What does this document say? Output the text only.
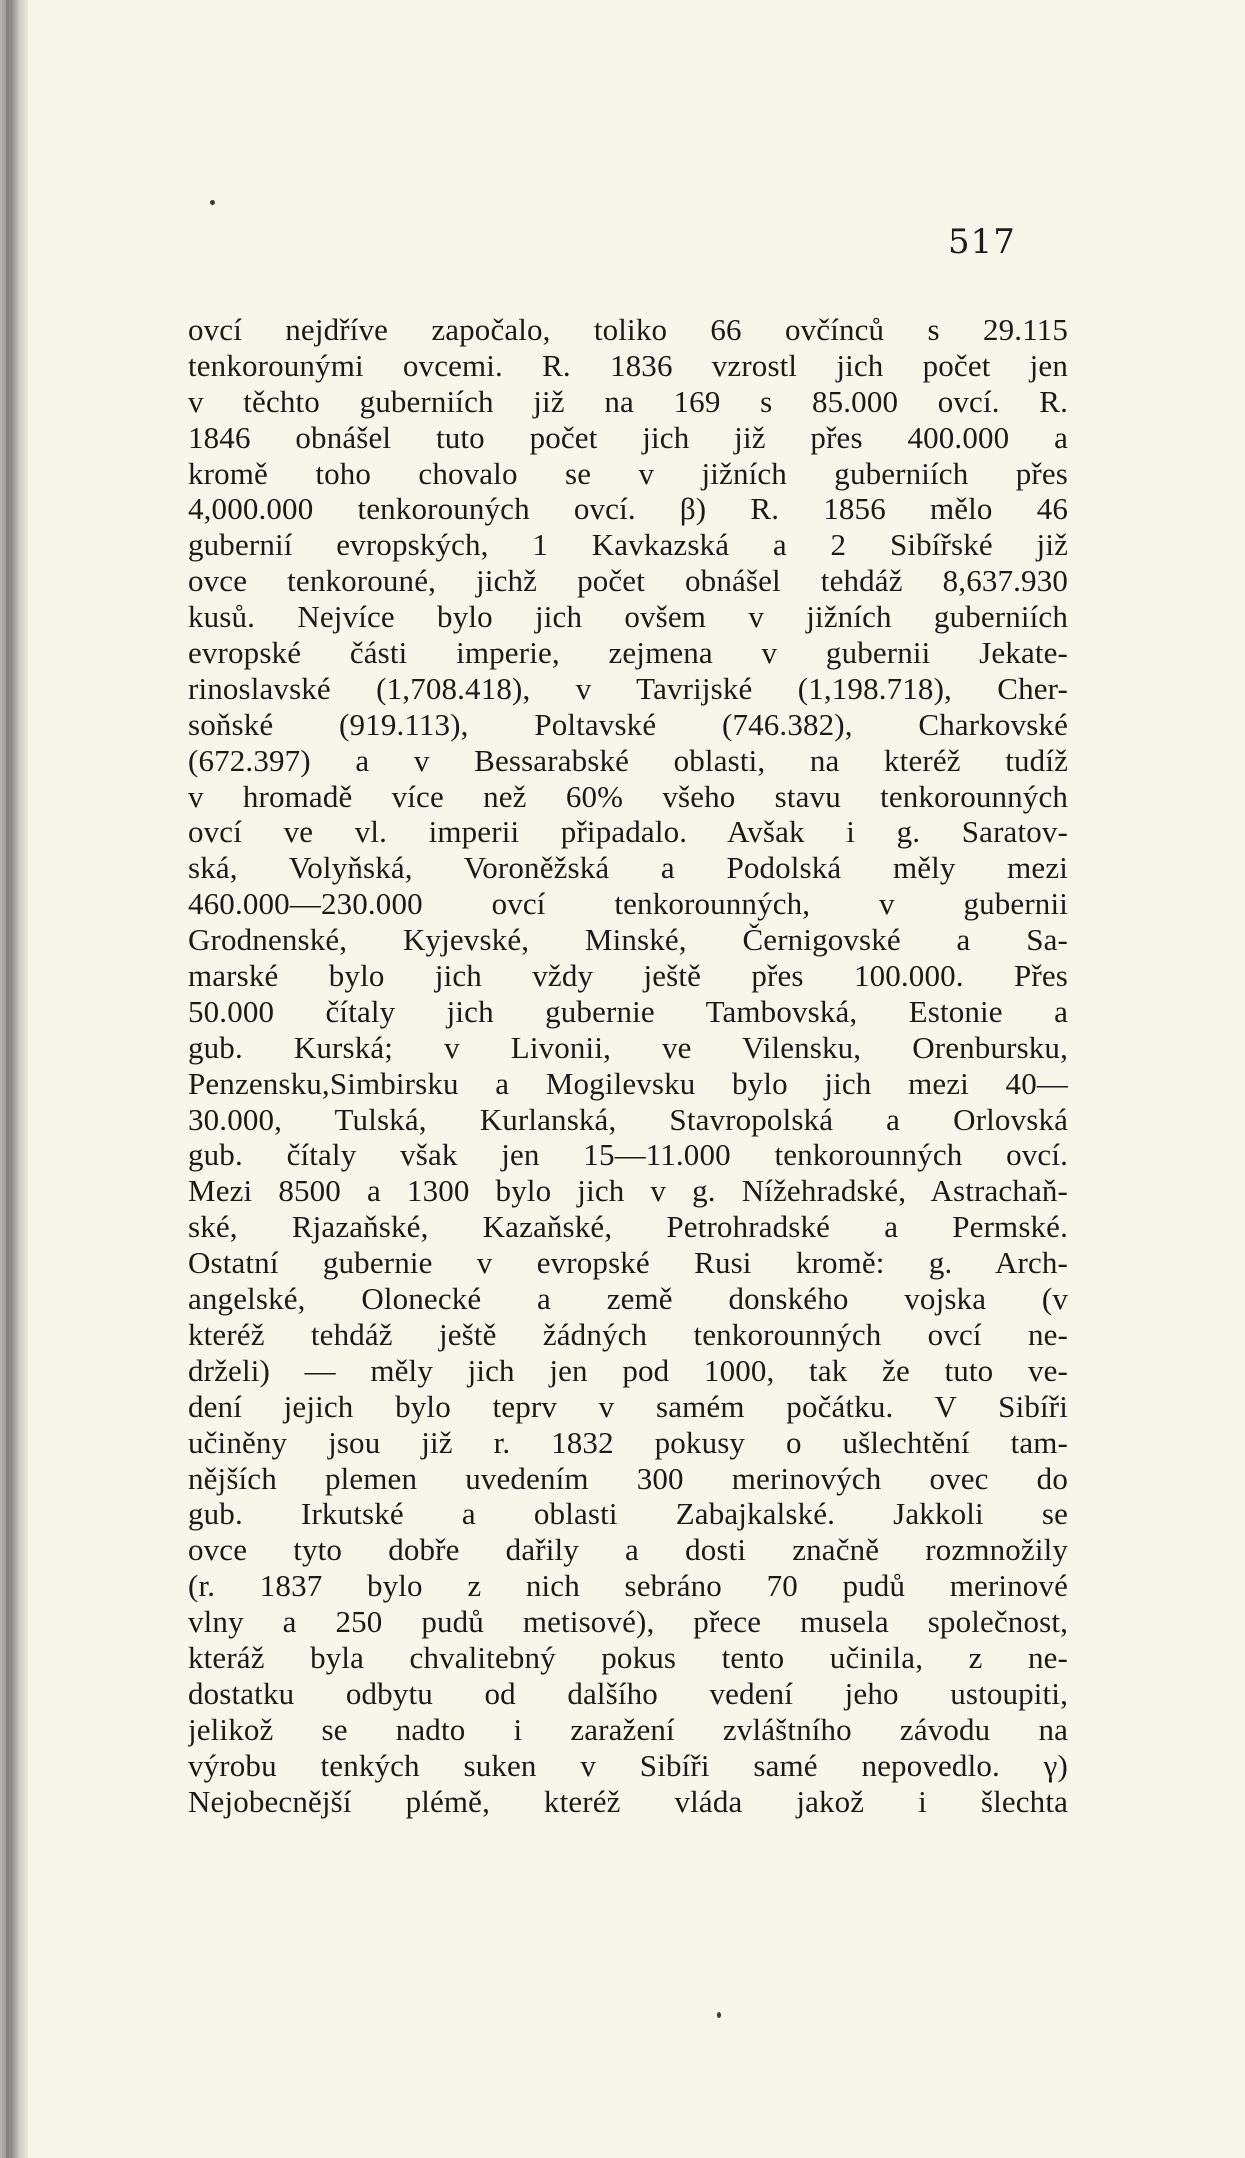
517
ovcí nejdříve započalo, toliko 66 ovčínců s 29.115
tenkorounými ovcemi. R. 1836 vzrostl jich počet jen
v těchto guberniích již na 169 s 85.000 ovcí. R.
1846 obnášel tuto počet jich již přes 400.000 a
kromě toho chovalo se v jižních guberniích přes
4,000.000 tenkorouných ovcí. β) R. 1856 mělo 46
gubernií evropských, 1 Kavkazská a 2 Sibířské již
ovce tenkorouné, jichž počet obnášel tehdáž 8,637.930
kusů. Nejvíce bylo jich ovšem v jižních guberniích
evropské části imperie, zejmena v gubernii Jekate-
rinoslavské (1,708.418), v Tavrijské (1,198.718), Cher-
soňské (919.113), Poltavské (746.382), Charkovské
(672.397) a v Bessarabské oblasti, na kteréž tudíž
v hromadě více než 60% všeho stavu tenkorounných
ovcí ve vl. imperii připadalo. Avšak i g. Saratov-
ská, Volyňská, Voroněžská a Podolská měly mezi
460.000—230.000 ovcí tenkorounných, v gubernii
Grodnenské, Kyjevské, Minské, Černigovské a Sa-
marské bylo jich vždy ještě přes 100.000. Přes
50.000 čítaly jich gubernie Tambovská, Estonie a
gub. Kurská; v Livonii, ve Vilensku, Orenbursku,
Penzensku,Simbirsku a Mogilevsku bylo jich mezi 40—
30.000, Tulská, Kurlanská, Stavropolská a Orlovská
gub. čítaly však jen 15—11.000 tenkorounných ovcí.
Mezi 8500 a 1300 bylo jich v g. Nížehradské, Astrachaň-
ské, Rjazaňské, Kazaňské, Petrohradské a Permské.
Ostatní gubernie v evropské Rusi kromě: g. Arch-
angelské, Olonecké a země donského vojska (v
kteréž tehdáž ještě žádných tenkorounných ovcí ne-
drželi) — měly jich jen pod 1000, tak že tuto ve-
dení jejich bylo teprv v samém počátku. V Sibíři
učiněny jsou již r. 1832 pokusy o ušlechtění tam-
nějších plemen uvedením 300 merinových ovec do
gub. Irkutské a oblasti Zabajkalské. Jakkoli se
ovce tyto dobře dařily a dosti značně rozmnožily
(r. 1837 bylo z nich sebráno 70 pudů merinové
vlny a 250 pudů metisové), přece musela společnost,
kteráž byla chvalitebný pokus tento učinila, z ne-
dostatku odbytu od dalšího vedení jeho ustoupiti,
jelikož se nadto i zaražení zvláštního závodu na
výrobu tenkých suken v Sibíři samé nepovedlo. γ)
Nejobecnější plémě, kteréž vláda jakož i šlechta
